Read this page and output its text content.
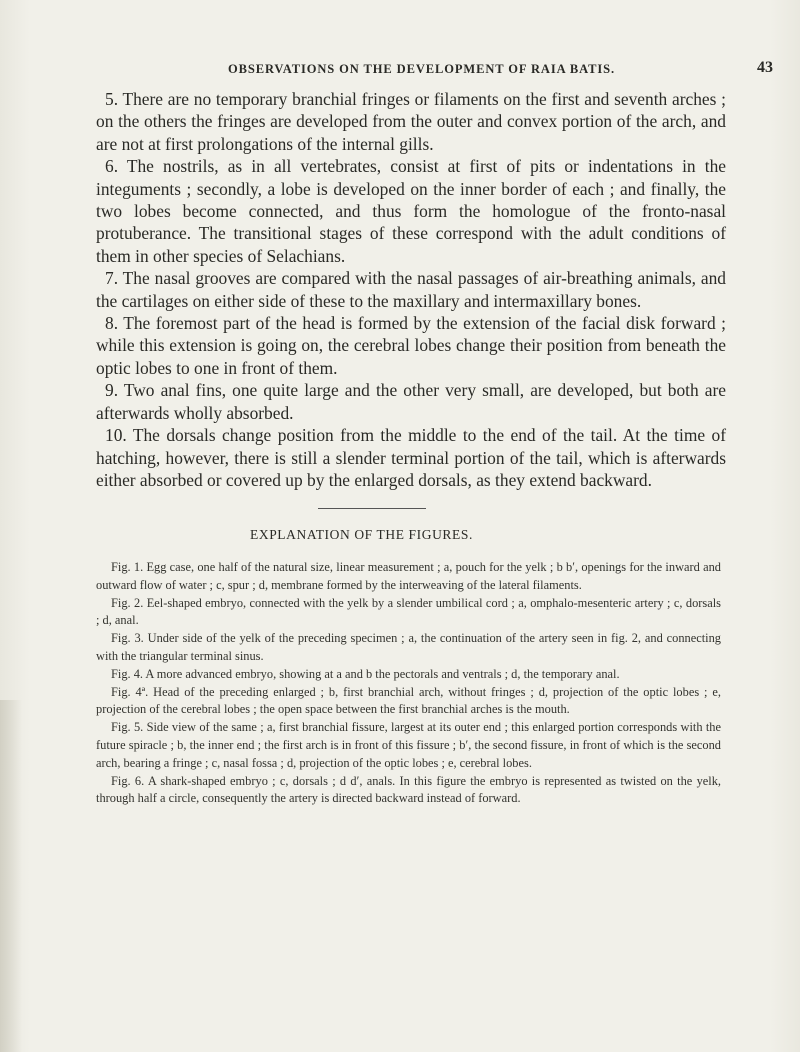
OBSERVATIONS ON THE DEVELOPMENT OF RAIA BATIS.	43

5. There are no temporary branchial fringes or filaments on the first and seventh arches ; on the others the fringes are developed from the outer and convex portion of the arch, and are not at first prolongations of the internal gills.

6. The nostrils, as in all vertebrates, consist at first of pits or indentations in the integuments ; secondly, a lobe is developed on the inner border of each ; and finally, the two lobes become connected, and thus form the homologue of the fronto-nasal protuberance. The transitional stages of these correspond with the adult conditions of them in other species of Selachians.

7. The nasal grooves are compared with the nasal passages of air-breathing animals, and the cartilages on either side of these to the maxillary and intermaxillary bones.

8. The foremost part of the head is formed by the extension of the facial disk forward ; while this extension is going on, the cerebral lobes change their position from beneath the optic lobes to one in front of them.

9. Two anal fins, one quite large and the other very small, are developed, but both are afterwards wholly absorbed.

10. The dorsals change position from the middle to the end of the tail. At the time of hatching, however, there is still a slender terminal portion of the tail, which is afterwards either absorbed or covered up by the enlarged dorsals, as they extend backward.

EXPLANATION OF THE FIGURES.

Fig. 1. Egg case, one half of the natural size, linear measurement ; a, pouch for the yelk ; b b′, openings for the inward and outward flow of water ; c, spur ; d, membrane formed by the interweaving of the lateral filaments.

Fig. 2. Eel-shaped embryo, connected with the yelk by a slender umbilical cord ; a, omphalo-mesenteric artery ; c, dorsals ; d, anal.

Fig. 3. Under side of the yelk of the preceding specimen ; a, the continuation of the artery seen in fig. 2, and connecting with the triangular terminal sinus.

Fig. 4. A more advanced embryo, showing at a and b the pectorals and ventrals ; d, the temporary anal.

Fig. 4ª. Head of the preceding enlarged ; b, first branchial arch, without fringes ; d, projection of the optic lobes ; e, projection of the cerebral lobes ; the open space between the first branchial arches is the mouth.

Fig. 5. Side view of the same ; a, first branchial fissure, largest at its outer end ; this enlarged portion corresponds with the future spiracle ; b, the inner end ; the first arch is in front of this fissure ; b′, the second fissure, in front of which is the second arch, bearing a fringe ; c, nasal fossa ; d, projection of the optic lobes ; e, cerebral lobes.

Fig. 6. A shark-shaped embryo ; c, dorsals ; d d′, anals. In this figure the embryo is represented as twisted on the yelk, through half a circle, consequently the artery is directed backward instead of forward.
